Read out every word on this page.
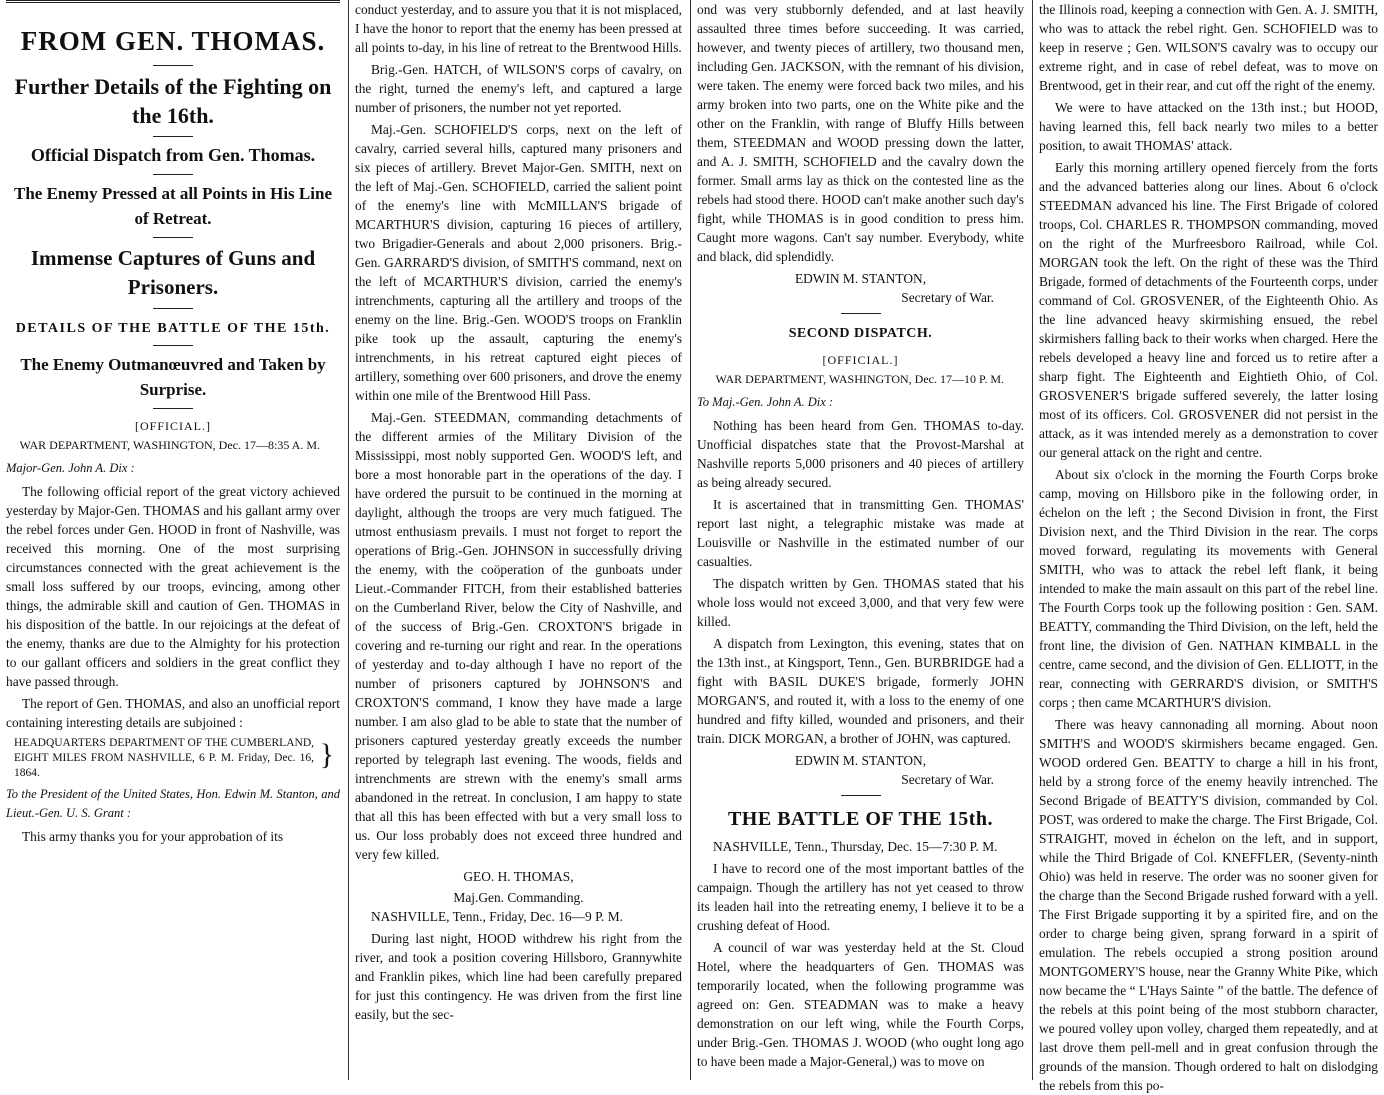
FROM GEN. THOMAS.
Further Details of the Fighting on the 16th.
Official Dispatch from Gen. Thomas.
The Enemy Pressed at all Points in His Line of Retreat.
Immense Captures of Guns and Prisoners.
DETAILS OF THE BATTLE OF THE 15th.
The Enemy Outmanœuvred and Taken by Surprise.
[OFFICIAL.]
WAR DEPARTMENT, WASHINGTON, Dec. 17—8:35 A. M.
Major-Gen. John A. Dix :

The following official report of the great victory achieved yesterday by Major-Gen. THOMAS and his gallant army over the rebel forces under Gen. HOOD in front of Nashville, was received this morning. One of the most surprising circumstances connected with the great achievement is the small loss suffered by our troops, evincing, among other things, the admirable skill and caution of Gen. THOMAS in his disposition of the battle. In our rejoicings at the defeat of the enemy, thanks are due to the Almighty for his protection to our gallant officers and soldiers in the great conflict they have passed through.

The report of Gen. THOMAS, and also an unofficial report containing interesting details are subjoined :

HEADQUARTERS DEPARTMENT OF THE CUMBERLAND, EIGHT MILES FROM NASHVILLE, 6 P. M. Friday, Dec. 16, 1864. }
To the President of the United States, Hon. Edwin M. Stanton, and Lieut.-Gen. U. S. Grant :

This army thanks you for your approbation of its

conduct yesterday, and to assure you that it is not misplaced, I have the honor to report that the enemy has been pressed at all points to-day, in his line of retreat to the Brentwood Hills.

Brig.-Gen. HATCH, of WILSON'S corps of cavalry, on the right, turned the enemy's left, and captured a large number of prisoners, the number not yet reported.

Maj.-Gen. SCHOFIELD'S corps, next on the left of cavalry, carried several hills, captured many prisoners and six pieces of artillery. Brevet Major-Gen. SMITH, next on the left of Maj.-Gen. SCHOFIELD, carried the salient point of the enemy's line with McMILLAN'S brigade of MCARTHUR'S division, capturing 16 pieces of artillery, two Brigadier-Generals and about 2,000 prisoners. Brig.-Gen. GARRARD'S division, of SMITH'S command, next on the left of MCARTHUR'S division, carried the enemy's intrenchments, capturing all the artillery and troops of the enemy on the line. Brig.-Gen. WOOD'S troops on Franklin pike took up the assault, capturing the enemy's intrenchments, in his retreat captured eight pieces of artillery, something over 600 prisoners, and drove the enemy within one mile of the Brentwood Hill Pass.

Maj.-Gen. STEEDMAN, commanding detachments of the different armies of the Military Division of the Mississippi, most nobly supported Gen. WOOD'S left, and bore a most honorable part in the operations of the day. I have ordered the pursuit to be continued in the morning at daylight, although the troops are very much fatigued. The utmost enthusiasm prevails. I must not forget to report the operations of Brig.-Gen. JOHNSON in successfully driving the enemy, with the coöperation of the gunboats under Lieut.-Commander FITCH, from their established batteries on the Cumberland River, below the City of Nashville, and of the success of Brig.-Gen. CROXTON'S brigade in covering and re-turning our right and rear. In the operations of yesterday and to-day although I have no report of the number of prisoners captured by JOHNSON'S and CROXTON'S command, I know they have made a large number. I am also glad to be able to state that the number of prisoners captured yesterday greatly exceeds the number reported by telegraph last evening. The woods, fields and intrenchments are strewn with the enemy's small arms abandoned in the retreat. In conclusion, I am happy to state that all this has been effected with but a very small loss to us. Our loss probably does not exceed three hundred and very few killed.

GEO. H. THOMAS,
Maj.Gen. Commanding.

NASHVILLE, Tenn., Friday, Dec. 16—9 P. M.

During last night, HOOD withdrew his right from the river, and took a position covering Hillsboro, Grannywhite and Franklin pikes, which line had been carefully prepared for just this contingency. He was driven from the first line easily, but the sec-

ond was very stubbornly defended, and at last heavily assaulted three times before succeeding. It was carried, however, and twenty pieces of artillery, two thousand men, including Gen. JACKSON, with the remnant of his division, were taken. The enemy were forced back two miles, and his army broken into two parts, one on the White pike and the other on the Franklin, with range of Bluffy Hills between them, STEEDMAN and WOOD pressing down the latter, and A. J. SMITH, SCHOFIELD and the cavalry down the former. Small arms lay as thick on the contested line as the rebels had stood there. HOOD can't make another such day's fight, while THOMAS is in good condition to press him. Caught more wagons. Can't say number. Everybody, white and black, did splendidly.

EDWIN M. STANTON,
Secretary of War.
SECOND DISPATCH.
[OFFICIAL.]
WAR DEPARTMENT, WASHINGTON, Dec. 17—10 P. M.
To Maj.-Gen. John A. Dix :

Nothing has been heard from Gen. THOMAS to-day. Unofficial dispatches state that the Provost-Marshal at Nashville reports 5,000 prisoners and 40 pieces of artillery as being already secured.

It is ascertained that in transmitting Gen. THOMAS' report last night, a telegraphic mistake was made at Louisville or Nashville in the estimated number of our casualties.

The dispatch written by Gen. THOMAS stated that his whole loss would not exceed 3,000, and that very few were killed.

A dispatch from Lexington, this evening, states that on the 13th inst., at Kingsport, Tenn., Gen. BURBRIDGE had a fight with BASIL DUKE'S brigade, formerly JOHN MORGAN'S, and routed it, with a loss to the enemy of one hundred and fifty killed, wounded and prisoners, and their train. DICK MORGAN, a brother of JOHN, was captured.

EDWIN M. STANTON,
Secretary of War.
THE BATTLE OF THE 15th.

NASHVILLE, Tenn., Thursday, Dec. 15—7:30 P. M.

I have to record one of the most important battles of the campaign. Though the artillery has not yet ceased to throw its leaden hail into the retreating enemy, I believe it to be a crushing defeat of Hood.

A council of war was yesterday held at the St. Cloud Hotel, where the headquarters of Gen. THOMAS was temporarily located, when the following programme was agreed on: Gen. STEADMAN was to make a heavy demonstration on our left wing, while the Fourth Corps, under Brig.-Gen. THOMAS J. WOOD (who ought long ago to have been made a Major-General,) was to move on

the Illinois road, keeping a connection with Gen. A. J. SMITH, who was to attack the rebel right. Gen. SCHOFIELD was to keep in reserve ; Gen. WILSON'S cavalry was to occupy our extreme right, and in case of rebel defeat, was to move on Brentwood, get in their rear, and cut off the right of the enemy.

We were to have attacked on the 13th inst.; but HOOD, having learned this, fell back nearly two miles to a better position, to await THOMAS' attack.

Early this morning artillery opened fiercely from the forts and the advanced batteries along our lines. About 6 o'clock STEEDMAN advanced his line. The First Brigade of colored troops, Col. CHARLES R. THOMPSON commanding, moved on the right of the Murfreesboro Railroad, while Col. MORGAN took the left. On the right of these was the Third Brigade, formed of detachments of the Fourteenth corps, under command of Col. GROSVENER, of the Eighteenth Ohio. As the line advanced heavy skirmishing ensued, the rebel skirmishers falling back to their works when charged. Here the rebels developed a heavy line and forced us to retire after a sharp fight. The Eighteenth and Eightieth Ohio, of Col. GROSVENER'S brigade suffered severely, the latter losing most of its officers. Col. GROSVENER did not persist in the attack, as it was intended merely as a demonstration to cover our general attack on the right and centre.

About six o'clock in the morning the Fourth Corps broke camp, moving on Hillsboro pike in the following order, in échelon on the left ; the Second Division in front, the First Division next, and the Third Division in the rear. The corps moved forward, regulating its movements with General SMITH, who was to attack the rebel left flank, it being intended to make the main assault on this part of the rebel line. The Fourth Corps took up the following position : Gen. SAM. BEATTY, commanding the Third Division, on the left, held the front line, the division of Gen. NATHAN KIMBALL in the centre, came second, and the division of Gen. ELLIOTT, in the rear, connecting with GERRARD'S division, or SMITH'S corps ; then came MCARTHUR'S division.

There was heavy cannonading all morning. About noon SMITH'S and WOOD'S skirmishers became engaged. Gen. WOOD ordered Gen. BEATTY to charge a hill in his front, held by a strong force of the enemy heavily intrenched. The Second Brigade of BEATTY'S division, commanded by Col. POST, was ordered to make the charge. The First Brigade, Col. STRAIGHT, moved in échelon on the left, and in support, while the Third Brigade of Col. KNEFFLER, (Seventy-ninth Ohio) was held in reserve. The order was no sooner given for the charge than the Second Brigade rushed forward with a yell. The First Brigade supporting it by a spirited fire, and on the order to charge being given, sprang forward in a spirit of emulation. The rebels occupied a strong position around MONTGOMERY'S house, near the Granny White Pike, which now became the “ L'Hays Sainte ” of the battle. The defence of the rebels at this point being of the most stubborn character, we poured volley upon volley, charged them repeatedly, and at last drove them pell-mell and in great confusion through the grounds of the mansion. Though ordered to halt on dislodging the rebels from this po-
